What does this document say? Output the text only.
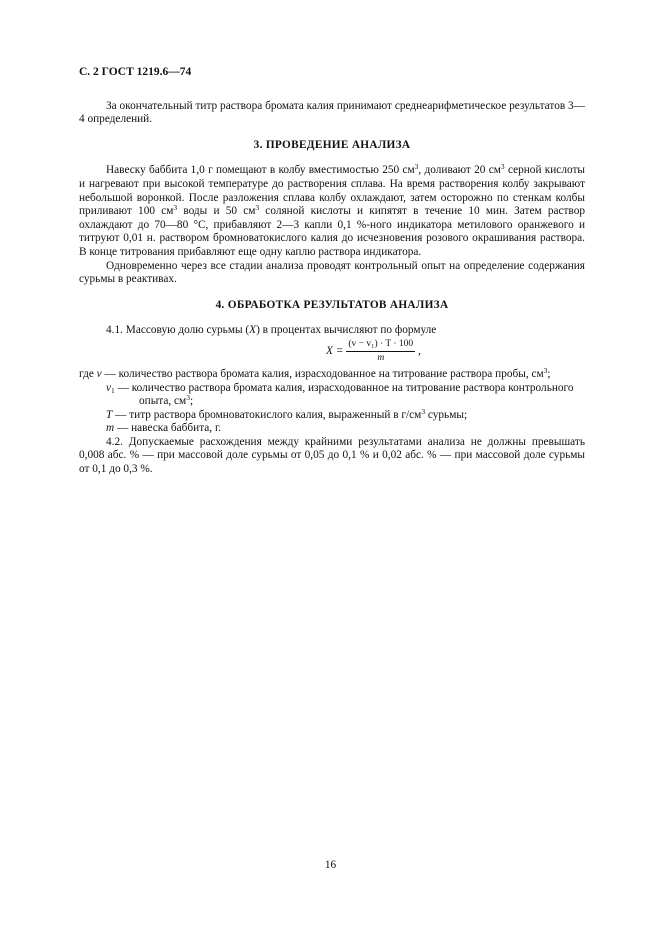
С. 2 ГОСТ 1219.6—74

За окончательный титр раствора бромата калия принимают среднеарифметическое результатов 3—4 определений.

3. ПРОВЕДЕНИЕ АНАЛИЗА

Навеску баббита 1,0 г помещают в колбу вместимостью 250 $см^3$, доливают 20 $см^3$ серной кислоты и нагревают при высокой температуре до растворения сплава. На время растворения колбу закрывают небольшой воронкой. После разложения сплава колбу охлаждают, затем осторожно по стенкам колбы приливают 100 $см^3$ воды и 50 $см^3$ соляной кислоты и кипятят в течение 10 мин. Затем раствор охлаждают до 70—80 °С, прибавляют 2—3 капли 0,1 %-ного индикатора метилового оранжевого и титруют 0,01 н. раствором бромноватокислого калия до исчезновения розового окрашивания раствора. В конце титрования прибавляют еще одну каплю раствора индикатора.

Одновременно через все стадии анализа проводят контрольный опыт на определение содержания сурьмы в реактивах.

4. ОБРАБОТКА РЕЗУЛЬТАТОВ АНАЛИЗА

4.1. Массовую долю сурьмы (X) в процентах вычисляют по формуле

$X = \frac{\text{(v − v₁) · T · 100}}{m}$ ,

где v — количество раствора бромата калия, израсходованное на титрование раствора пробы, $см^3$;

$v_1$ — количество раствора бромата калия, израсходованное на титрование раствора контрольного

опыта, $см^3$;

T — титр раствора бромноватокислого калия, выраженный в $г/см^3$ сурьмы;

m — навеска баббита, г.

4.2. Допускаемые расхождения между крайними результатами анализа не должны превышать 0,008 абс. % — при массовой доле сурьмы от 0,05 до 0,1 % и 0,02 абс. % — при массовой доле сурьмы от 0,1 до 0,3 %.

16
